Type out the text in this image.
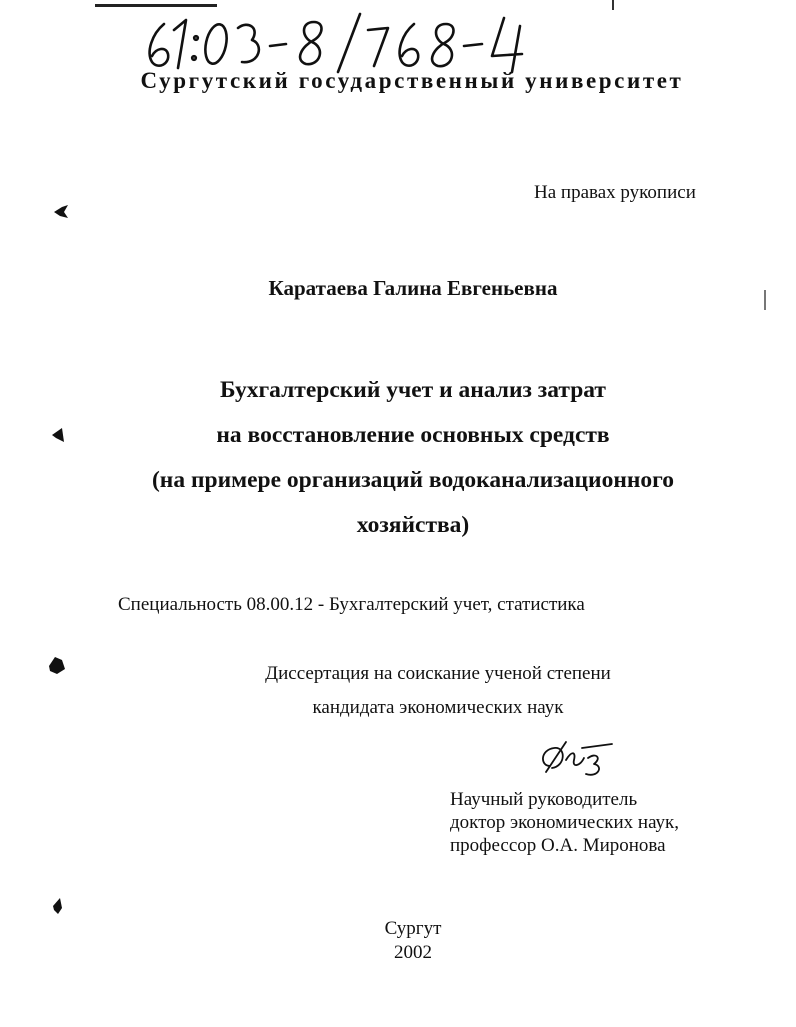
Сургутский государственный университет
На правах рукописи
Каратаева Галина Евгеньевна
Бухгалтерский учет и анализ затрат
на восстановление основных средств
(на примере организаций водоканализационного
хозяйства)
Специальность 08.00.12 - Бухгалтерский учет, статистика
Диссертация на соискание ученой степени
кандидата экономических наук
Научный руководитель
доктор экономических наук,
профессор О.А. Миронова
Сургут
2002
